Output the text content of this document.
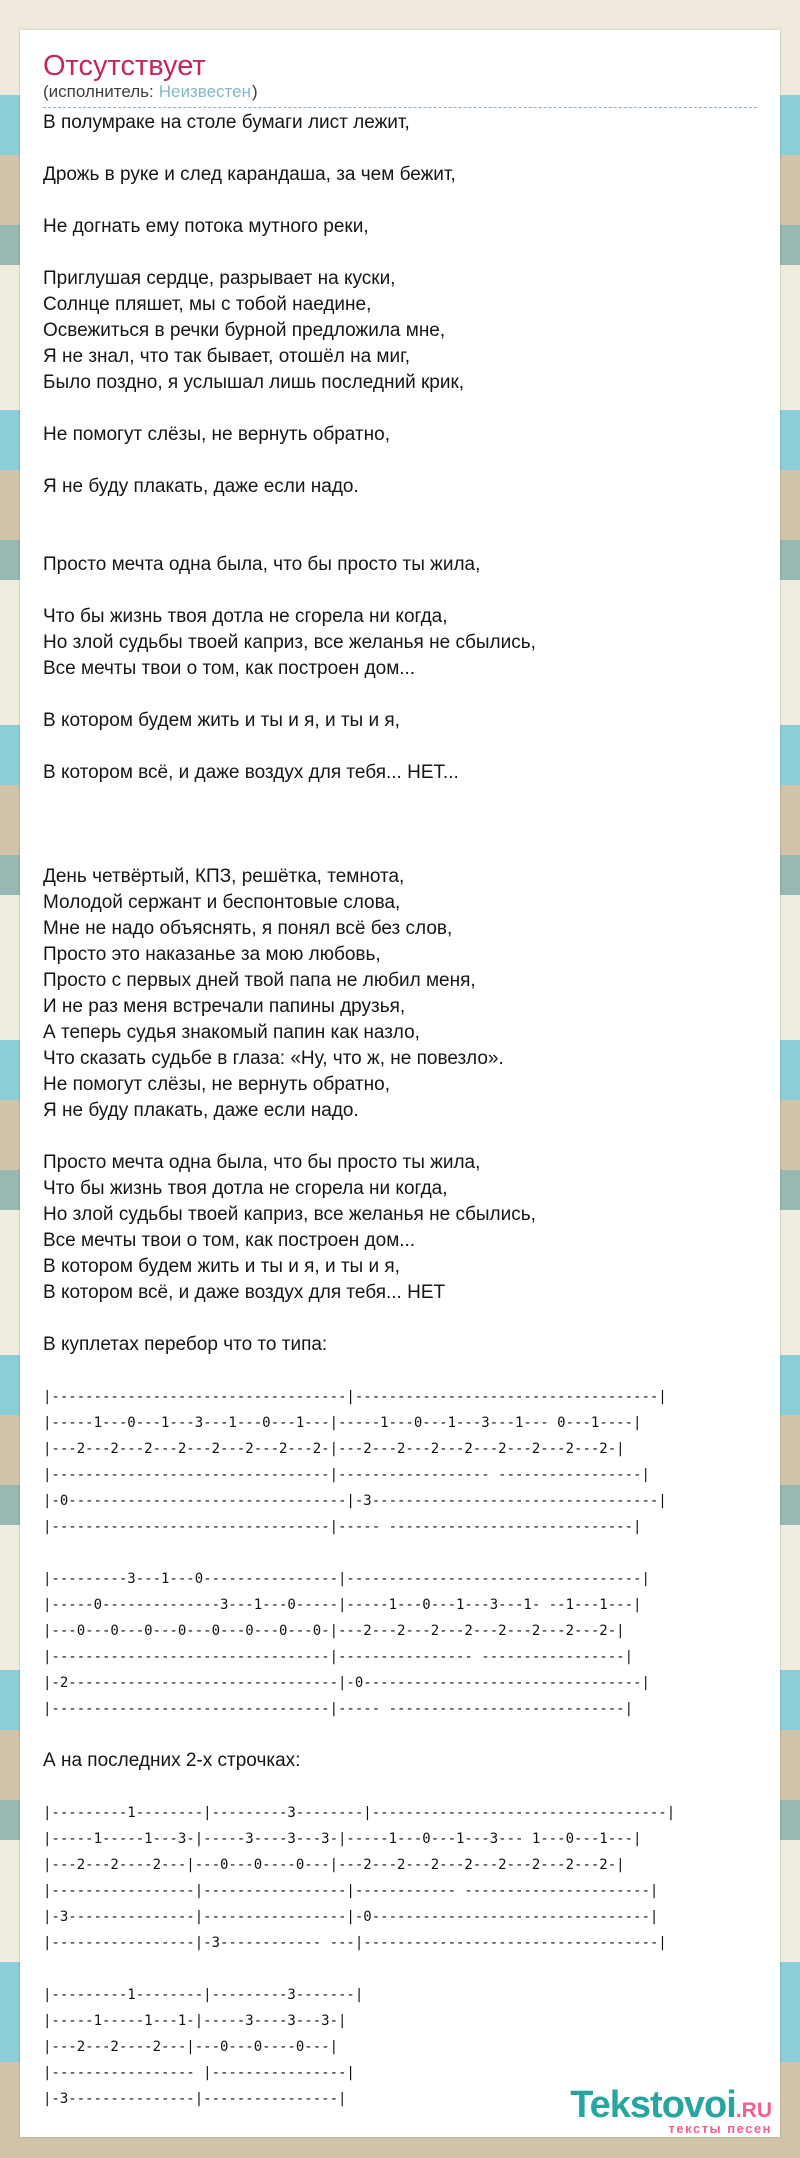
Отсутствует
(исполнитель: Неизвестен)
В полумраке на столе бумаги лист лежит,

Дрожь в руке и след карандаша, за чем бежит,

Не догнать ему потока мутного реки,

Приглушая сердце, разрывает на куски,
Солнце пляшет, мы с тобой наедине,
Освежиться в речки бурной предложила мне,
Я не знал, что так бывает, отошёл на миг,
Было поздно, я услышал лишь последний крик,

Не помогут слёзы, не вернуть обратно,

Я не буду плакать, даже если надо.

Просто мечта одна была, что бы просто ты жила,

Что бы жизнь твоя дотла не сгорела ни когда,
Но злой судьбы твоей каприз, все желанья не сбылись,
Все мечты твои о том, как построен дом...

В котором будем жить и ты и я, и ты и я,

В котором всё, и даже воздух для тебя... НЕТ...

День четвёртый, КПЗ, решётка, темнота,
Молодой сержант и беспонтовые слова,
Мне не надо объяснять, я понял всё без слов,
Просто это наказанье за мою любовь,
Просто с первых дней твой папа не любил меня,
И не раз меня встречали папины друзья,
А теперь судья знакомый папин как назло,
Что сказать судьбе в глаза: «Ну, что ж, не повезло».
Не помогут слёзы, не вернуть обратно,
Я не буду плакать, даже если надо.

Просто мечта одна была, что бы просто ты жила,
Что бы жизнь твоя дотла не сгорела ни когда,
Но злой судьбы твоей каприз, все желанья не сбылись,
Все мечты твои о том, как построен дом...
В котором будем жить и ты и я, и ты и я,
В котором всё, и даже воздух для тебя... НЕТ

В куплетах перебор что то типа:

|-----------------------------------|------------------------------------|
|-----1---0---1---3---1---0---1---|-----1---0---1---3---1--- 0---1----|
|---2---2---2---2---2---2---2---2-|---2---2---2---2---2---2---2---2-|
|---------------------------------|------------------ -----------------|
|-0---------------------------------|-3----------------------------------|
|---------------------------------|----- -----------------------------|

|---------3---1---0----------------|-----------------------------------|
|-----0--------------3---1---0-----|-----1---0---1---3---1- --1---1---|
|---0---0---0---0---0---0---0---0-|---2---2---2---2---2---2---2---2-|
|---------------------------------|---------------- -----------------|
|-2--------------------------------|-0---------------------------------|
|---------------------------------|----- ----------------------------|

А на последних 2-х строчках:

|---------1--------|---------3--------|-----------------------------------|
|-----1-----1---3-|-----3----3---3-|-----1---0---1---3--- 1---0---1---|
|---2---2----2---|---0---0----0---|---2---2---2---2---2---2---2---2-|
|-----------------|-----------------|------------ ----------------------|
|-3---------------|-----------------|-0---------------------------------|
|-----------------|-3------------ ---|-----------------------------------|

|---------1--------|---------3-------|
|-----1-----1---1-|-----3----3---3-|
|---2---2----2---|---0---0----0---|
|----------------- |----------------|
|-3---------------|----------------|	Tekstovoi.RU
тексты песен
